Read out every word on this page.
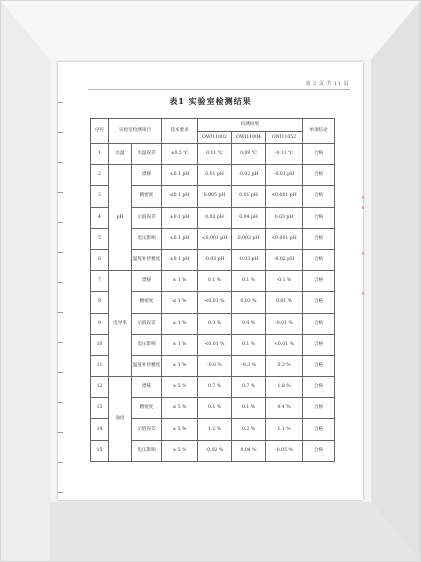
第 2 页 共 11 页
表1 实验室检测结果
序号	实验室检测项目		技术要求	检测结果			单项结论
				OWI11002	OWI11004	ONI11052	
1	水温	水温误差	±0.5 ℃	0.11 ℃	0.09 ℃	-0.11 ℃	合格
2	pH	漂移	±0.1 pH	0.01 pH	-0.02 pH	-0.01 pH	合格
3		精密度	≤0.1 pH	0.005 pH	0.01 pH	<0.001 pH	合格
4		示值误差	±0.1 pH	0.02 pH	0.04 pH	0.03 pH	合格
5		电压影响	±0.1 pH	<0.001 pH	0.003 pH	<0.001 pH	合格
6		温度补偿精度	±0.1 pH	-0.03 pH	-0.03 pH	-0.02 pH	合格
7	电导率	漂移	± 1 %	0.1 %	0.1 %	-0.1 %	合格
8		精密度	≤ 1 %	<0.01 %	0.03 %	0.01 %	合格
9		示值误差	± 1 %	0.3 %	0.4 %	-0.01 %	合格
10		电压影响	± 1 %	<0.01 %	0.1 %	<0.01 %	合格
11		温度补偿精度	± 1 %	-0.6 %	-0.3 %	0.3 %	合格
12	浊度	漂移	± 5 %	0.7 %	0.7 %	1.8 %	合格
13		精密度	≤ 5 %	0.1 %	0.1 %	0.4 %	合格
14		示值误差	± 5 %	1.2 %	0.2 %	1.1 %	合格
15		电压影响	± 5 %	-0.02 %	0.04 %	-0.05 %	合格
